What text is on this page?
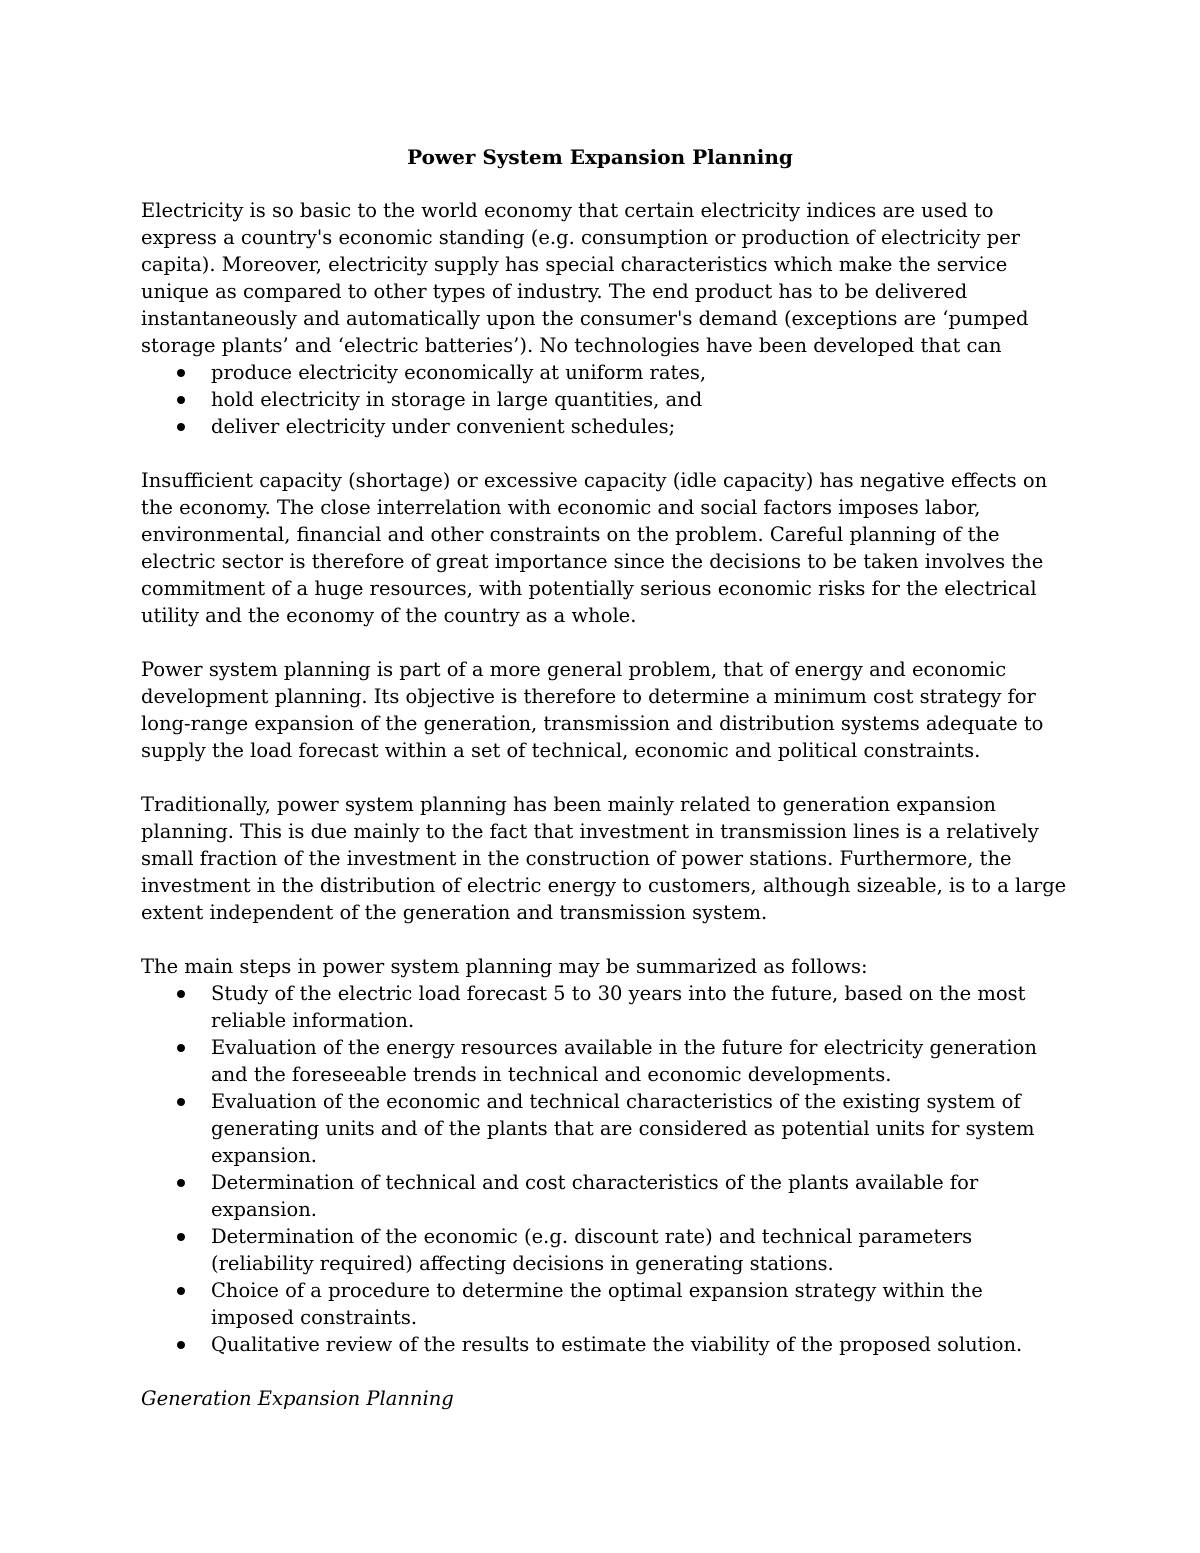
Power System Expansion Planning

Electricity is so basic to the world economy that certain electricity indices are used to express a country's economic standing (e.g. consumption or production of electricity per capita). Moreover, electricity supply has special characteristics which make the service unique as compared to other types of industry. The end product has to be delivered instantaneously and automatically upon the consumer's demand (exceptions are ‘pumped storage plants’ and ‘electric batteries’). No technologies have been developed that can

produce electricity economically at uniform rates,
hold electricity in storage in large quantities, and
deliver electricity under convenient schedules;

Insufficient capacity (shortage) or excessive capacity (idle capacity) has negative effects on the economy. The close interrelation with economic and social factors imposes labor, environmental, financial and other constraints on the problem. Careful planning of the electric sector is therefore of great importance since the decisions to be taken involves the commitment of a huge resources, with potentially serious economic risks for the electrical utility and the economy of the country as a whole.

Power system planning is part of a more general problem, that of energy and economic development planning. Its objective is therefore to determine a minimum cost strategy for long-range expansion of the generation, transmission and distribution systems adequate to supply the load forecast within a set of technical, economic and political constraints.

Traditionally, power system planning has been mainly related to generation expansion planning. This is due mainly to the fact that investment in transmission lines is a relatively small fraction of the investment in the construction of power stations. Furthermore, the investment in the distribution of electric energy to customers, although sizeable, is to a large extent independent of the generation and transmission system.

The main steps in power system planning may be summarized as follows:

Study of the electric load forecast 5 to 30 years into the future, based on the most reliable information.
Evaluation of the energy resources available in the future for electricity generation and the foreseeable trends in technical and economic developments.
Evaluation of the economic and technical characteristics of the existing system of generating units and of the plants that are considered as potential units for system expansion.
Determination of technical and cost characteristics of the plants available for expansion.
Determination of the economic (e.g. discount rate) and technical parameters (reliability required) affecting decisions in generating stations.
Choice of a procedure to determine the optimal expansion strategy within the imposed constraints.
Qualitative review of the results to estimate the viability of the proposed solution.

Generation Expansion Planning
